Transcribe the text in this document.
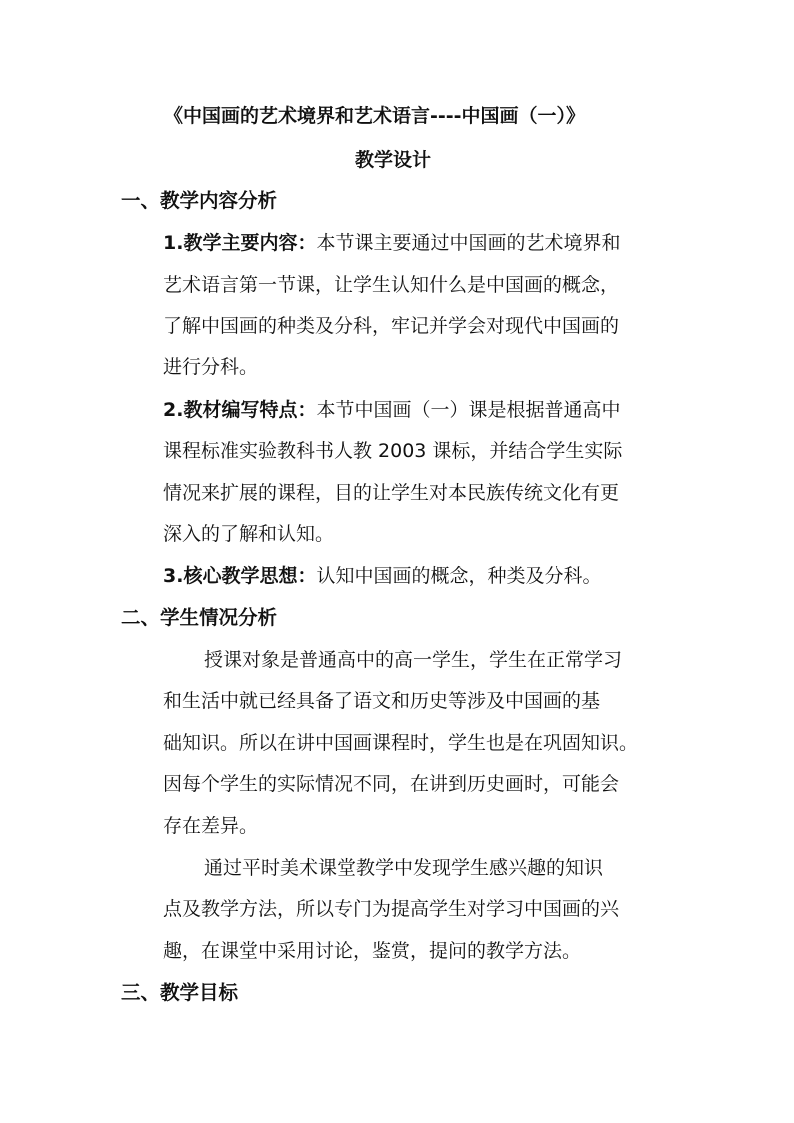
《中国画的艺术境界和艺术语言----中国画（一）》
教学设计
一、教学内容分析
1.教学主要内容：本节课主要通过中国画的艺术境界和
艺术语言第一节课，让学生认知什么是中国画的概念，
了解中国画的种类及分科，牢记并学会对现代中国画的
进行分科。
2.教材编写特点：本节中国画（一）课是根据普通高中
课程标准实验教科书人教 2003 课标，并结合学生实际
情况来扩展的课程，目的让学生对本民族传统文化有更
深入的了解和认知。
3.核心教学思想：认知中国画的概念，种类及分科。
二、学生情况分析
授课对象是普通高中的高一学生，学生在正常学习
和生活中就已经具备了语文和历史等涉及中国画的基
础知识。所以在讲中国画课程时，学生也是在巩固知识。
因每个学生的实际情况不同，在讲到历史画时，可能会
存在差异。
通过平时美术课堂教学中发现学生感兴趣的知识
点及教学方法，所以专门为提高学生对学习中国画的兴
趣，在课堂中采用讨论，鉴赏，提问的教学方法。
三、教学目标
